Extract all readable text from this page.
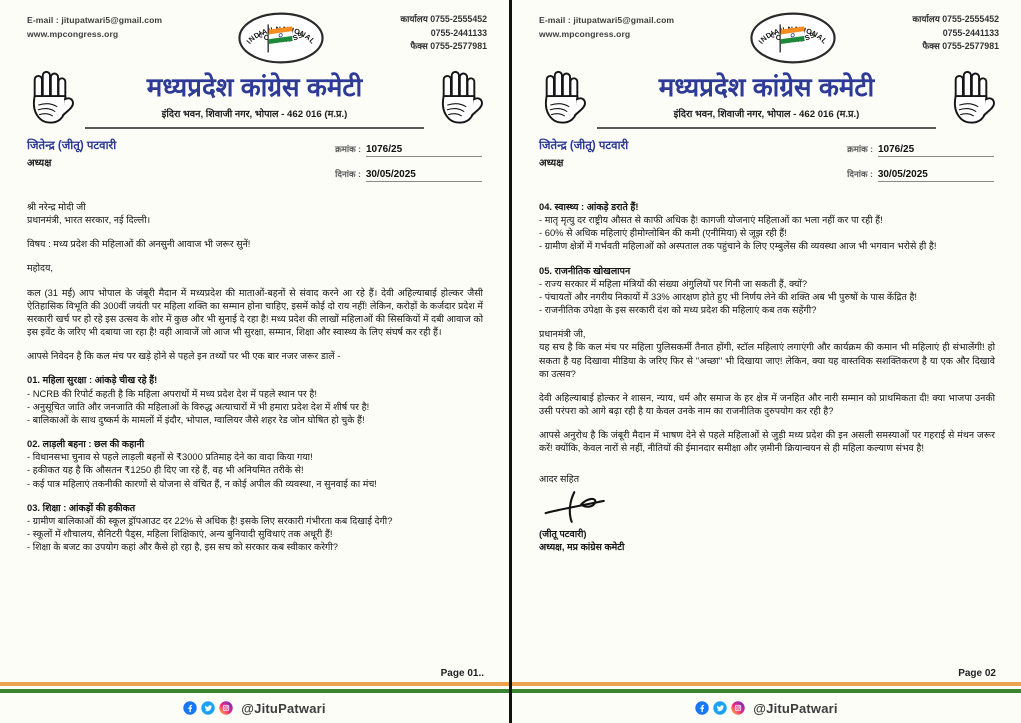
E-mail : jitupatwari5@gmail.com
www.mpcongress.org
कार्यालय 0755-2555452
0755-2441133
फैक्स 0755-2577981
मध्यप्रदेश कांग्रेस कमेटी
इंदिरा भवन, शिवाजी नगर, भोपाल - 462 016 (म.प्र.)
जितेन्द्र (जीतू) पटवारी
अध्यक्ष
क्रमांक : 1076/25
दिनांक : 30/05/2025
श्री नरेन्द्र मोदी जी
प्रधानमंत्री, भारत सरकार, नई दिल्ली।
विषय : मध्य प्रदेश की महिलाओं की अनसुनी आवाज भी जरूर सुनें!
महोदय,
कल (31 मई) आप भोपाल के जंबूरी मैदान में मध्यप्रदेश की माताओं-बहनों से संवाद करने आ रहे हैं। देवी अहिल्याबाई होल्कर जैसी ऐतिहासिक विभूति की 300वीं जयंती पर महिला शक्ति का सम्मान होना चाहिए, इसमें कोई दो राय नहीं! लेकिन, करोड़ों के कर्जदार प्रदेश में सरकारी खर्च पर हो रहे इस उत्सव के शोर में कुछ और भी सुनाई दे रहा है! मध्य प्रदेश की लाखों महिलाओं की सिसकियों में दबी आवाज को इस इवेंट के जरिए भी दबाया जा रहा है! वही आवाजें जो आज भी सुरक्षा, सम्मान, शिक्षा और स्वास्थ्य के लिए संघर्ष कर रही हैं।
आपसे निवेदन है कि कल मंच पर खड़े होने से पहले इन तथ्यों पर भी एक बार नजर जरूर डालें -
01. महिला सुरक्षा : आंकड़े चीख रहे हैं!
- NCRB की रिपोर्ट कहती है कि महिला अपराधों में मध्य प्रदेश देश में पहले स्थान पर है!
- अनुसूचित जाति और जनजाति की महिलाओं के विरुद्ध अत्याचारों में भी हमारा प्रदेश देश में शीर्ष पर है!
- बालिकाओं के साथ दुष्कर्म के मामलों में इंदौर, भोपाल, ग्वालियर जैसे शहर रेड जोन घोषित हो चुके हैं!
02. लाड़ली बहना : छल की कहानी
- विधानसभा चुनाव से पहले लाड़ली बहनों से ₹3000 प्रतिमाह देने का वादा किया गया!
- हकीकत यह है कि औसतन ₹1250 ही दिए जा रहे हैं, वह भी अनियमित तरीके से!
- कई पात्र महिलाएं तकनीकी कारणों से योजना से वंचित हैं, न कोई अपील की व्यवस्था, न सुनवाई का मंच!
03. शिक्षा : आंकड़ों की हकीकत
- ग्रामीण बालिकाओं की स्कूल ड्रॉपआउट दर 22% से अधिक है! इसके लिए सरकारी गंभीरता कब दिखाई देगी?
- स्कूलों में शौचालय, सैनिटरी पैड्स, महिला शिक्षिकाएं, अन्य बुनियादी सुविधाएं तक अधूरी हैं!
- शिक्षा के बजट का उपयोग कहां और कैसे हो रहा है, इस सच को सरकार कब स्वीकार करेगी?
Page 01..
@JituPatwari
E-mail : jitupatwari5@gmail.com
www.mpcongress.org
कार्यालय 0755-2555452
0755-2441133
फैक्स 0755-2577981
मध्यप्रदेश कांग्रेस कमेटी
इंदिरा भवन, शिवाजी नगर, भोपाल - 462 016 (म.प्र.)
जितेन्द्र (जीतू) पटवारी
अध्यक्ष
क्रमांक : 1076/25
दिनांक : 30/05/2025
04. स्वास्थ्य : आंकड़े डराते हैं!
- मातृ मृत्यु दर राष्ट्रीय औसत से काफी अधिक है! कागजी योजनाएं महिलाओं का भला नहीं कर पा रही हैं!
- 60% से अधिक महिलाएं हीमोग्लोबिन की कमी (एनीमिया) से जूझ रही हैं!
- ग्रामीण क्षेत्रों में गर्भवती महिलाओं को अस्पताल तक पहुंचाने के लिए एम्बुलेंस की व्यवस्था आज भी भगवान भरोसे ही है!
05. राजनीतिक खोखलापन
- राज्य सरकार में महिला मंत्रियों की संख्या अंगुलियों पर गिनी जा सकती हैं, क्यों?
- पंचायतों और नगरीय निकायों में 33% आरक्षण होते हुए भी निर्णय लेने की शक्ति अब भी पुरुषों के पास केंद्रित है!
- राजनीतिक उपेक्षा के इस सरकारी दंश को मध्य प्रदेश की महिलाएं कब तक सहेंगी?
प्रधानमंत्री जी,
यह सच है कि कल मंच पर महिला पुलिसकर्मी तैनात होंगी, स्टॉल महिलाएं लगाएंगी और कार्यक्रम की कमान भी महिलाएं ही संभालेंगी! हो सकता है यह दिखावा मीडिया के जरिए फिर से "अच्छा" भी दिखाया जाए! लेकिन, क्या यह वास्तविक सशक्तिकरण है या एक और दिखावे का उत्सव?
देवी अहिल्याबाई होल्कर ने शासन, न्याय, धर्म और समाज के हर क्षेत्र में जनहित और नारी सम्मान को प्राथमिकता दी! क्या भाजपा उनकी उसी परंपरा को आगे बढ़ा रही है या केवल उनके नाम का राजनीतिक दुरुपयोग कर रही है?
आपसे अनुरोध है कि जंबूरी मैदान में भाषण देने से पहले महिलाओं से जुड़ी मध्य प्रदेश की इन असली समस्याओं पर गहराई से मंथन जरूर करें! क्योंकि, केवल नारों से नहीं, नीतियों की ईमानदार समीक्षा और ज़मीनी क्रियान्वयन से ही महिला कल्याण संभव है!
आदर सहित
(जीतू पटवारी)
अध्यक्ष, मप्र कांग्रेस कमेटी
Page 02
@JituPatwari
